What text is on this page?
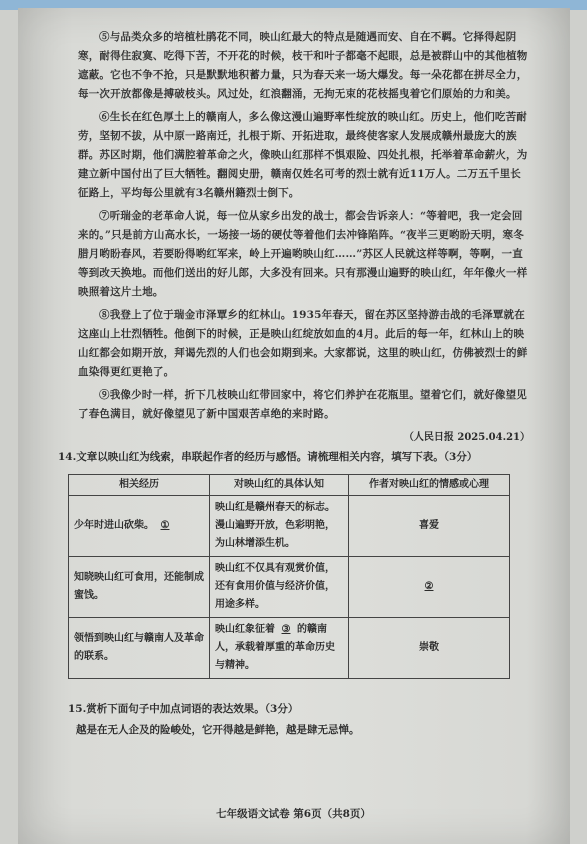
⑤与品类众多的培植杜鹃花不同，映山红最大的特点是随遇而安、自在不羁。它择得起阴寒，耐得住寂寞、吃得下苦，不开花的时候，枝干和叶子都毫不起眼，总是被群山中的其他植物遮蔽。它也不争不抢，只是默默地积蓄力量，只为春天来一场大爆发。每一朵花都在拼尽全力，每一次开放都像是搏破枝头。风过处，红浪翻涌，无拘无束的花枝摇曳着它们原始的力和美。

⑥生长在红色厚土上的赣南人，多么像这漫山遍野率性绽放的映山红。历史上，他们吃苦耐劳，坚韧不拔，从中原一路南迁，扎根于斯、开拓进取，最终使客家人发展成赣州最庞大的族群。苏区时期，他们满腔着革命之火，像映山红那样不惧艰险、四处扎根，托举着革命薪火，为建立新中国付出了巨大牺牲。翻阅史册，赣南仅姓名可考的烈士就有近11万人。二万五千里长征路上，平均每公里就有3名赣州籍烈士倒下。

⑦听瑞金的老革命人说，每一位从家乡出发的战士，都会告诉亲人：“等着吧，我一定会回来的。”只是前方山高水长，一场接一场的硬仗等着他们去冲锋陷阵。“夜半三更哟盼天明，寒冬腊月哟盼春风，若要盼得哟红军来，岭上开遍哟映山红……”苏区人民就这样等啊，等啊，一直等到改天换地。而他们送出的好儿郎，大多没有回来。只有那漫山遍野的映山红，年年像火一样映照着这片土地。

⑧我登上了位于瑞金市泽覃乡的红林山。1935年春天，留在苏区坚持游击战的毛泽覃就在这座山上壮烈牺牲。他倒下的时候，正是映山红绽放如血的4月。此后的每一年，红林山上的映山红都会如期开放，拜谒先烈的人们也会如期到来。大家都说，这里的映山红，仿佛被烈士的鲜血染得更红更艳了。

⑨我像少时一样，折下几枝映山红带回家中，将它们养护在花瓶里。望着它们，就好像望见了春色满目，就好像望见了新中国艰苦卓绝的来时路。

（人民日报 2025.04.21）
14.文章以映山红为线索，串联起作者的经历与感悟。请梳理相关内容，填写下表。（3分）
相关经历	对映山红的具体认知	作者对映山红的情感或心理
少年时进山砍柴。 ①	映山红是赣州春天的标志。漫山遍野开放，色彩明艳，为山林增添生机。	喜爱
知晓映山红可食用，还能制成蜜饯。	映山红不仅具有观赏价值，还有食用价值与经济价值，用途多样。	②
领悟到映山红与赣南人及革命的联系。	映山红象征着 ③ 的赣南人，承载着厚重的革命历史与精神。	崇敬
15.赏析下面句子中加点词语的表达效果。（3分）
越是在无人企及的险峻处，它开得越是鲜艳，越是肆无忌惮。
七年级语文试卷 第6页（共8页）
